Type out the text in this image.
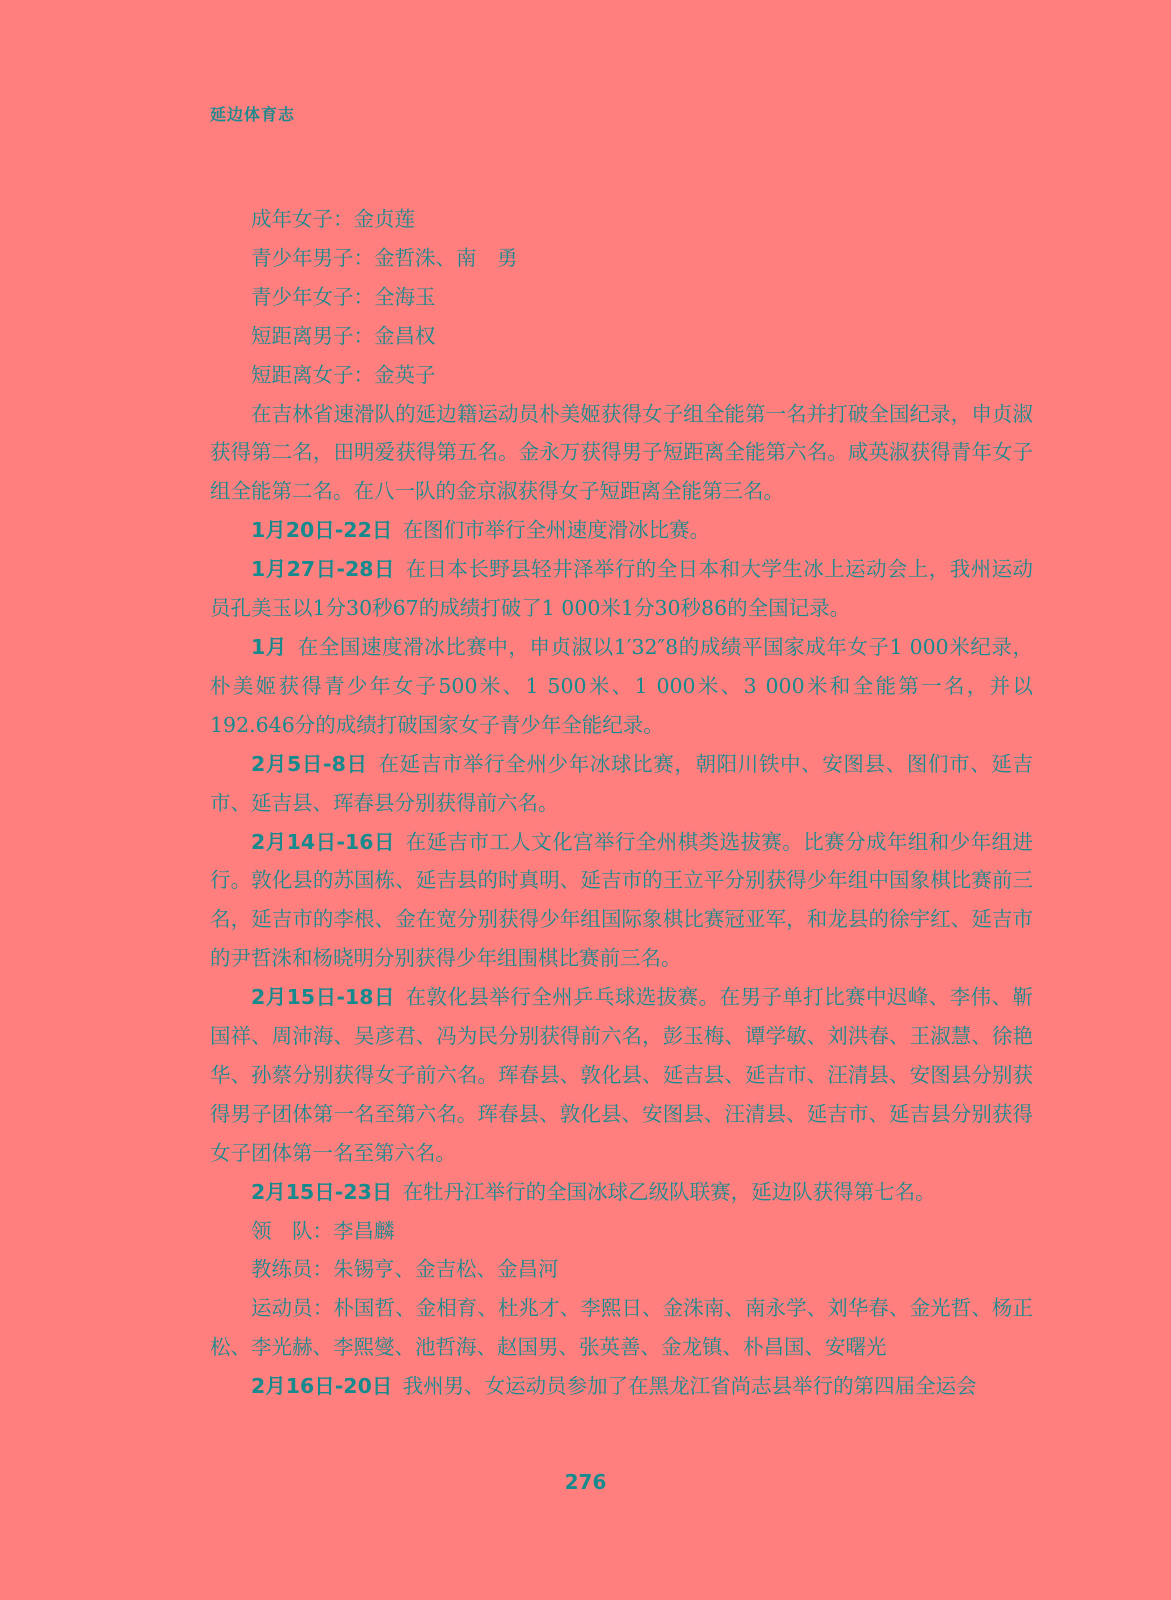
延边体育志

成年女子：金贞莲

青少年男子：金哲洙、南　勇

青少年女子：全海玉

短距离男子：金昌权

短距离女子：金英子

在吉林省速滑队的延边籍运动员朴美姬获得女子组全能第一名并打破全国纪录，申贞淑获得第二名，田明爱获得第五名。金永万获得男子短距离全能第六名。咸英淑获得青年女子组全能第二名。在八一队的金京淑获得女子短距离全能第三名。

1月20日-22日  在图们市举行全州速度滑冰比赛。

1月27日-28日  在日本长野县轻井泽举行的全日本和大学生冰上运动会上，我州运动员孔美玉以1分30秒67的成绩打破了1 000米1分30秒86的全国记录。

1月  在全国速度滑冰比赛中，申贞淑以1′32″8的成绩平国家成年女子1 000米纪录，朴美姬获得青少年女子500米、1 500米、1 000米、3 000米和全能第一名，并以192.646分的成绩打破国家女子青少年全能纪录。

2月5日-8日  在延吉市举行全州少年冰球比赛，朝阳川铁中、安图县、图们市、延吉市、延吉县、珲春县分别获得前六名。

2月14日-16日  在延吉市工人文化宫举行全州棋类选拔赛。比赛分成年组和少年组进行。敦化县的苏国栋、延吉县的时真明、延吉市的王立平分别获得少年组中国象棋比赛前三名，延吉市的李根、金在宽分别获得少年组国际象棋比赛冠亚军，和龙县的徐宇红、延吉市的尹哲洙和杨晓明分别获得少年组围棋比赛前三名。

2月15日-18日  在敦化县举行全州乒乓球选拔赛。在男子单打比赛中迟峰、李伟、靳国祥、周沛海、吴彦君、冯为民分别获得前六名，彭玉梅、谭学敏、刘洪春、王淑慧、徐艳华、孙蔡分别获得女子前六名。珲春县、敦化县、延吉县、延吉市、汪清县、安图县分别获得男子团体第一名至第六名。珲春县、敦化县、安图县、汪清县、延吉市、延吉县分别获得女子团体第一名至第六名。

2月15日-23日  在牡丹江举行的全国冰球乙级队联赛，延边队获得第七名。

领　队：李昌麟

教练员：朱锡亨、金吉松、金昌河

运动员：朴国哲、金相育、杜兆才、李熙日、金洙南、南永学、刘华春、金光哲、杨正松、李光赫、李熙燮、池哲海、赵国男、张英善、金龙镇、朴昌国、安曙光

2月16日-20日  我州男、女运动员参加了在黑龙江省尚志县举行的第四届全运会

276
